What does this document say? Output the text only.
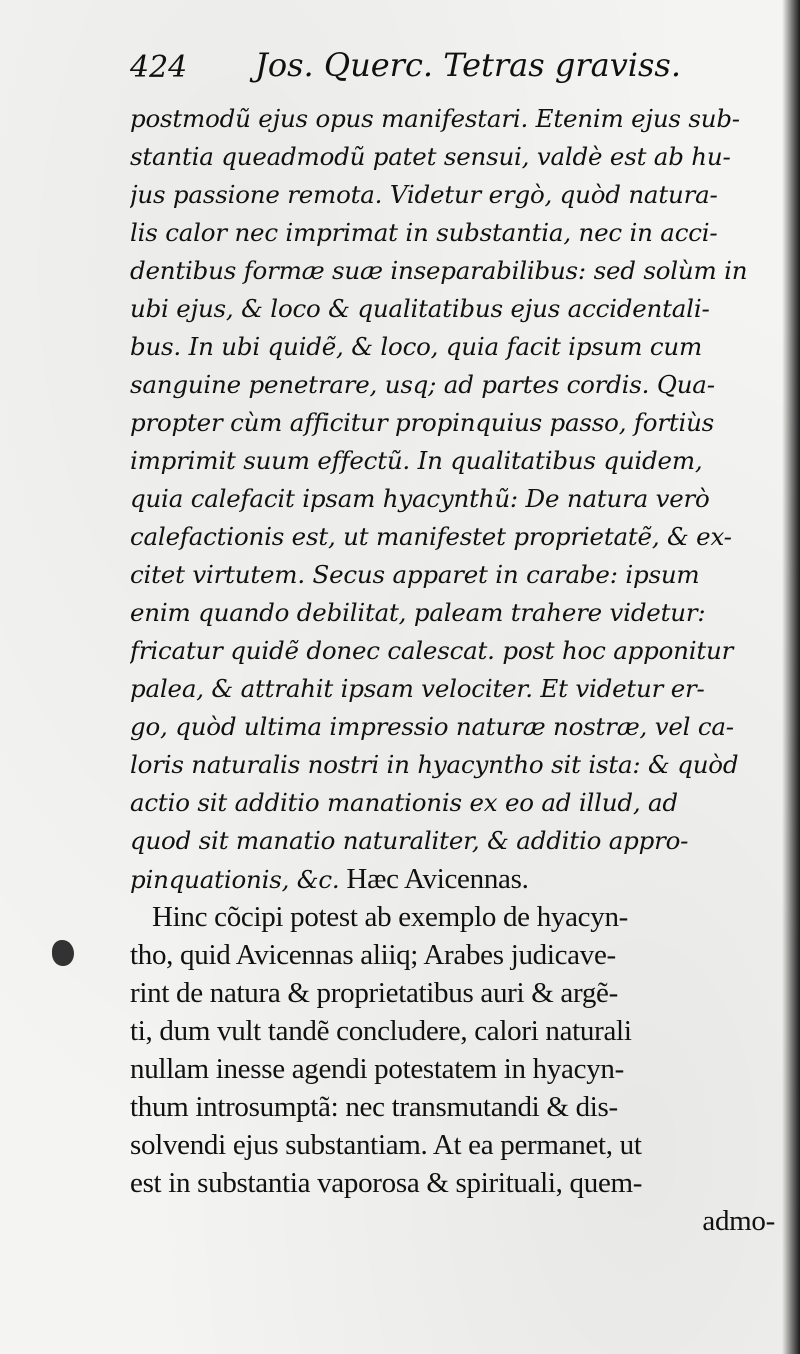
424 Jos. Querc. Tetras graviss.
postmodũ ejus opus manifestari. Etenim ejus sub-
stantia queadmodũ patet sensui, valdè est ab hu-
jus passione remota. Videtur ergò, quòd natura-
lis calor nec imprimat in substantia, nec in acci-
dentibus formæ suæ inseparabilibus: sed solùm in
ubi ejus, & loco & qualitatibus ejus accidentali-
bus. In ubi quidẽ, & loco, quia facit ipsum cum
sanguine penetrare, usq; ad partes cordis. Qua-
propter cùm afficitur propinquius passo, fortiùs
imprimit suum effectũ. In qualitatibus quidem,
quia calefacit ipsam hyacynthũ: De natura verò
calefactionis est, ut manifestet proprietatẽ, & ex-
citet virtutem. Secus apparet in carabe: ipsum
enim quando debilitat, paleam trahere videtur:
fricatur quidẽ donec calescat. post hoc apponitur
palea, & attrahit ipsam velociter. Et videtur er-
go, quòd ultima impressio naturæ nostræ, vel ca-
loris naturalis nostri in hyacyntho sit ista: & quòd
actio sit additio manationis ex eo ad illud, ad
quod sit manatio naturaliter, & additio appro-
pinquationis, &c. Hæc Avicennas.
Hinc cõcipi potest ab exemplo de hyacyn-
tho, quid Avicennas aliiq; Arabes judicave-
rint de natura & proprietatibus auri & argẽ-
ti, dum vult tandẽ concludere, calori naturali
nullam inesse agendi potestatem in hyacyn-
thum introsumptã: nec transmutandi & dis-
solvendi ejus substantiam. At ea permanet, ut
est in substantia vaporosa & spirituali, quem-
admo-
